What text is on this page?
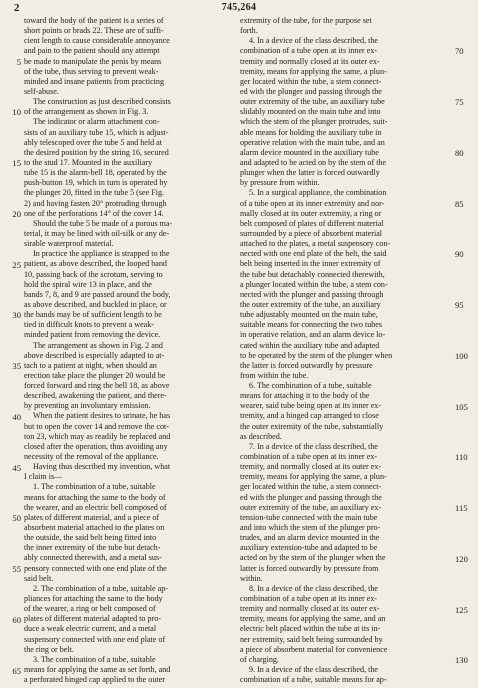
2	745,264
toward the body of the patient is a series of
short points or brads 22. These are of suffi-
cient length to cause considerable annoyance
and pain to the patient should any attempt
be made to manipulate the penis by means
of the tube, thus serving to prevent weak-
minded and insane patients from practicing
self-abuse.
The construction as just described consists
of the arrangement as shown in Fig. 3.
The indicator or alarm attachment con-
sists of an auxiliary tube 15, which is adjust-
ably telescoped over the tube 5 and held at
the desired position by the string 16, secured
to the stud 17. Mounted in the auxiliary
tube 15 is the alarm-bell 18, operated by the
push-button 19, which in turn is operated by
the plunger 20, fitted in the tube 5 (see Fig.
2) and having fasten 20° protruding through
one of the perforations 14° of the cover 14.
Should the tube 5 be made of a porous ma-
terial, it may be lined with oil-silk or any de-
sirable waterproof material.
In practice the appliance is strapped to the
patient, as above described, the looped band
10, passing back of the scrotum, serving to
hold the spiral wire 13 in place, and the
bands 7, 8, and 9 are passed around the body,
as above described, and buckled in place, or
the bands may be of sufficient length to be
tied in difficult knots to prevent a weak-
minded patient from removing the device.
The arrangement as shown in Fig. 2 and
above described is especially adapted to at-
tach to a patient at night, when should an
erection take place the plunger 20 would be
forced forward and ring the bell 18, as above
described, awakening the patient, and there-
by preventing an involuntary emission.
When the patient desires to urinate, he has
but to open the cover 14 and remove the cot-
ton 23, which may as readily be replaced and
closed after the operation, thus avoiding any
necessity of the removal of the appliance.
Having thus described my invention, what
I claim is—
1. The combination of a tube, suitable
means for attaching the same to the body of
the wearer, and an electric bell composed of
plates of different material, and a piece of
absorbent material attached to the plates on
the outside, the said belt being fitted into
the inner extremity of the tube but detach-
ably connected therewith, and a metal sus-
pensory connected with one end plate of the
said belt.
2. The combination of a tube, suitable ap-
pliances for attaching the same to the body
of the wearer, a ring or belt composed of
plates of different material adapted to pro-
duce a weak electric current, and a metal
suspensory connected with one end plate of
the ring or belt.
3. The combination of a tube, suitable
means for applying the same as set forth, and
a perforated hinged cap applied to the outer
extremity of the tube, for the purpose set
forth.
4. In a device of the class described, the
combination of a tube open at its inner ex-
tremity and normally closed at its outer ex-
tremity, means for applying the same, a plun-
ger located within the tube, a stem connect-
ed with the plunger and passing through the
outer extremity of the tube, an auxiliary tube
slidably mounted on the main tube and into
which the stem of the plunger protrudes, suit-
able means for holding the auxiliary tube in
operative relation with the main tube, and an
alarm device mounted in the auxiliary tube
and adapted to be acted on by the stem of the
plunger when the latter is forced outwardly
by pressure from within.
5. In a surgical appliance, the combination
of a tube open at its inner extremity and nor-
mally closed at its outer extremity, a ring or
belt composed of plates of different material
surrounded by a piece of absorbent material
attached to the plates, a metal suspensory con-
nected with one end plate of the belt, the said
belt being inserted in the inner extremity of
the tube but detachably connected therewith,
a plunger located within the tube, a stem con-
nected with the plunger and passing through
the outer extremity of the tube, an auxiliary
tube adjustably mounted on the main tube,
suitable means for connecting the two tubes
in operative relation, and an alarm device lo-
cated within the auxiliary tube and adapted
to be operated by the stem of the plunger when
the latter is forced outwardly by pressure
from within the tube.
6. The combination of a tube, suitable
means for attaching it to the body of the
wearer, said tube being open at its inner ex-
tremity, and a hinged cap arranged to close
the outer extremity of the tube, substantially
as described.
7. In a device of the class described, the
combination of a tube open at its inner ex-
tremity, and normally closed at its outer ex-
tremity, means for applying the same, a plun-
ger located within the tube, a stem connect-
ed with the plunger and passing through the
outer extremity of the tube, an auxiliary ex-
tension-tube connected with the main tube
and into which the stem of the plunger pro-
trudes, and an alarm device mounted in the
auxiliary extension-tube and adapted to be
acted on by the stem of the plunger when the
latter is forced outwardly by pressure from
within.
8. In a device of the class described, the
combination of a tube open at its inner ex-
tremity and normally closed at its outer ex-
tremity, means for applying the same, and an
electric belt placed within the tube at its in-
ner extremity, said belt being surrounded by
a piece of absorbent material for convenience
of charging.
9. In a device of the class described, the
combination of a tube, suitable means for ap-
5
10
15
20
25
30
35
40
45
50
55
60
65
70
75
80
85
90
95
100
105
110
115
120
125
130
